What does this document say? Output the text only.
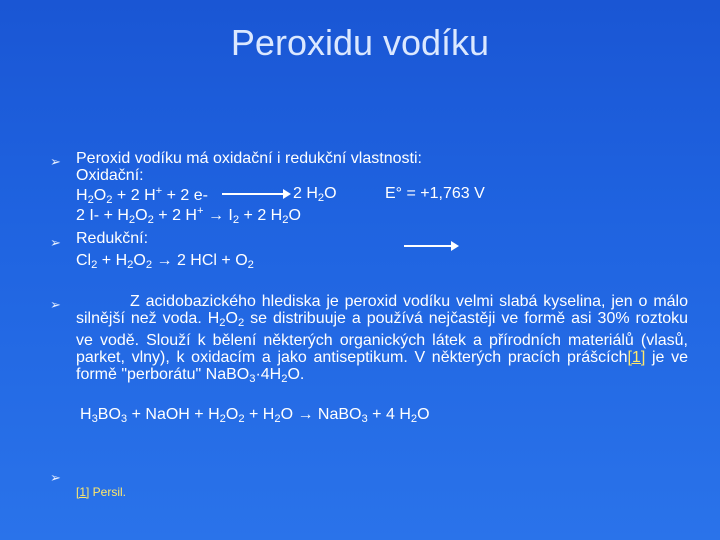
Peroxidu vodíku
➢ Peroxid vodíku má oxidační i redukční vlastnosti:
Oxidační:
$H_2O_2 + 2$ H+ + 2 e- → 2 $H_2O$	E° = +1,763 V
2 $I- + H_2O_2 + 2$ $H^+ \to I_2 + 2$ $H_2O$
➢ Redukční:
$Cl_2 + H_2O_2 \to 2$ HCl + $O_2$
➢	Z acidobazického hlediska je peroxid vodíku velmi slabá kyselina, jen o málo silnější než voda. $H_2O_2$ se distribuuje a používá nejčastěji ve formě asi 30% roztoku ve vodě. Slouží k bělení některých organických látek a přírodních materiálů (vlasů, parket, vlny), k oxidacím a jako antiseptikum. V některých pracích prášcích[1] je ve formě "perborátu" $NaBO_3\cdot 4H_2O$.
$H_3BO_3$ + NaOH + $H_2O_2 + H_2O$ → NaBO$_3$ + 4 $H_2O$
➢
[1] Persil.
